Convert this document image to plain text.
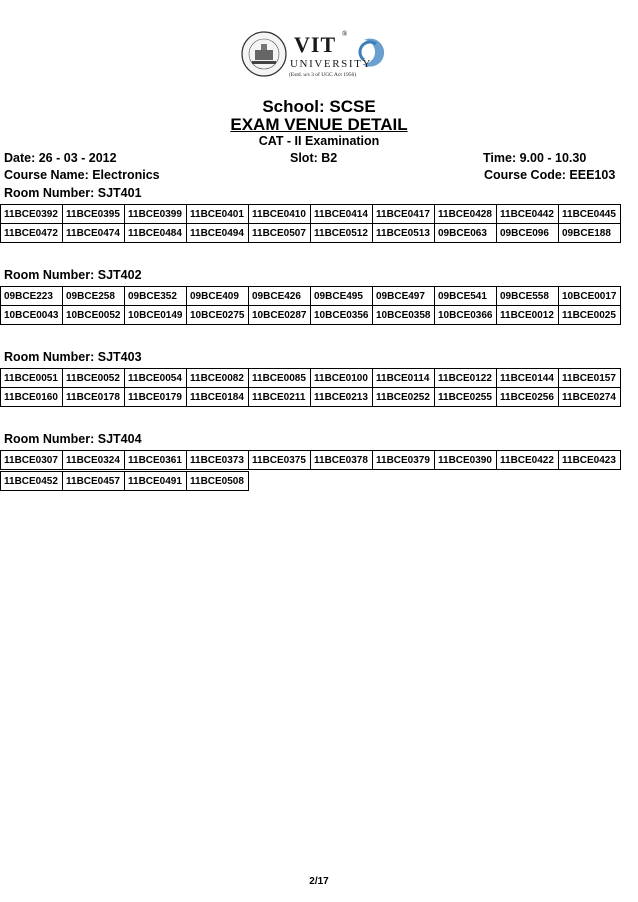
VIT ®
UNIVERSITY
(Estd. u/s 3 of UGC Act 1956)
School: SCSE
EXAM VENUE DETAIL
CAT - II Examination
Date: 26 - 03 - 2012	Slot: B2	Time: 9.00 - 10.30
Course Name: Electronics	Course Code: EEE103
Room Number: SJT401
11BCE0392	11BCE0395	11BCE0399	11BCE0401	11BCE0410	11BCE0414	11BCE0417	11BCE0428	11BCE0442	11BCE0445
11BCE0472	11BCE0474	11BCE0484	11BCE0494	11BCE0507	11BCE0512	11BCE0513	09BCE063	09BCE096	09BCE188
Room Number: SJT402
09BCE223	09BCE258	09BCE352	09BCE409	09BCE426	09BCE495	09BCE497	09BCE541	09BCE558	10BCE0017
10BCE0043	10BCE0052	10BCE0149	10BCE0275	10BCE0287	10BCE0356	10BCE0358	10BCE0366	11BCE0012	11BCE0025
Room Number: SJT403
11BCE0051	11BCE0052	11BCE0054	11BCE0082	11BCE0085	11BCE0100	11BCE0114	11BCE0122	11BCE0144	11BCE0157
11BCE0160	11BCE0178	11BCE0179	11BCE0184	11BCE0211	11BCE0213	11BCE0252	11BCE0255	11BCE0256	11BCE0274
Room Number: SJT404
11BCE0307	11BCE0324	11BCE0361	11BCE0373	11BCE0375	11BCE0378	11BCE0379	11BCE0390	11BCE0422	11BCE0423
11BCE0452	11BCE0457	11BCE0491	11BCE0508
2/17
